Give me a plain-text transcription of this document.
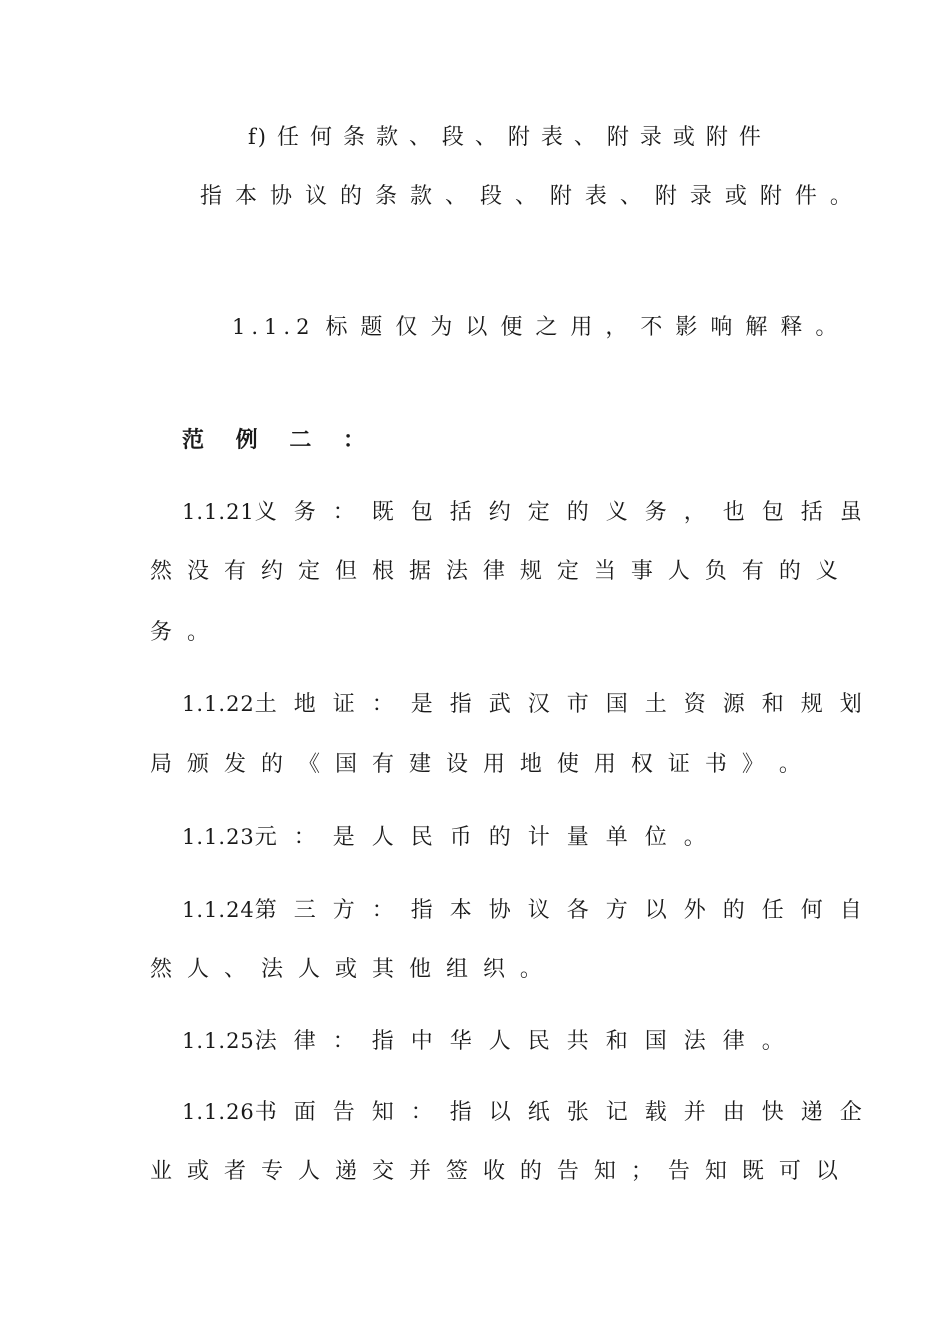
f) 任 何 条 款 、 段 、 附 表 、 附 录 或 附 件
指 本 协 议 的 条 款 、 段 、 附 表 、 附 录 或 附 件 。
1.1.2 标 题 仅 为 以 便 之 用 ， 不 影 响 解 释 。
范 例 二 ：
1.1.21义 务 ： 既 包 括 约 定 的 义 务 ， 也 包 括 虽
然 没 有 约 定 但 根 据 法 律 规 定 当 事 人 负 有 的 义
务 。
1.1.22土 地 证 ： 是 指 武 汉 市 国 土 资 源 和 规 划
局 颁 发 的 《 国 有 建 设 用 地 使 用 权 证 书 》 。
1.1.23元 ： 是 人 民 币 的 计 量 单 位 。
1.1.24第 三 方 ： 指 本 协 议 各 方 以 外 的 任 何 自
然 人 、 法 人 或 其 他 组 织 。
1.1.25法 律 ： 指 中 华 人 民 共 和 国 法 律 。
1.1.26书 面 告 知 ： 指 以 纸 张 记 载 并 由 快 递 企
业 或 者 专 人 递 交 并 签 收 的 告 知 ； 告 知 既 可 以
